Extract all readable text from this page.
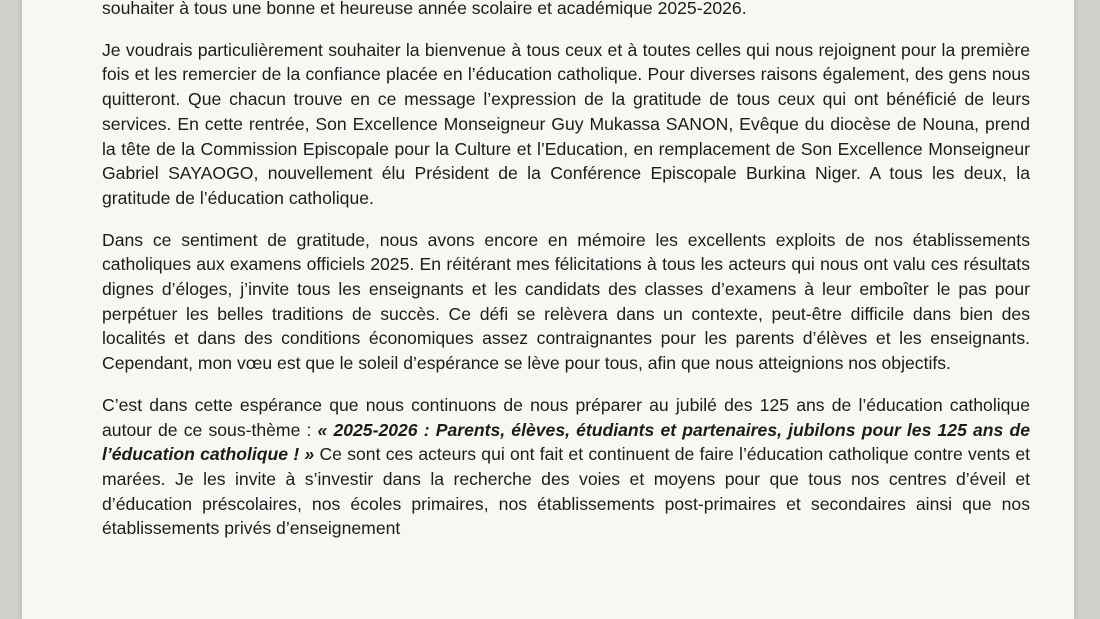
souhaiter à tous une bonne et heureuse année scolaire et académique 2025-2026.

Je voudrais particulièrement souhaiter la bienvenue à tous ceux et à toutes celles qui nous rejoignent pour la première fois et les remercier de la confiance placée en l’éducation catholique. Pour diverses raisons également, des gens nous quitteront. Que chacun trouve en ce message l’expression de la gratitude de tous ceux qui ont bénéficié de leurs services. En cette rentrée, Son Excellence Monseigneur Guy Mukassa SANON, Evêque du diocèse de Nouna, prend la tête de la Commission Episcopale pour la Culture et l’Education, en remplacement de Son Excellence Monseigneur Gabriel SAYAOGO, nouvellement élu Président de la Conférence Episcopale Burkina Niger. A tous les deux, la gratitude de l’éducation catholique.

Dans ce sentiment de gratitude, nous avons encore en mémoire les excellents exploits de nos établissements catholiques aux examens officiels 2025. En réitérant mes félicitations à tous les acteurs qui nous ont valu ces résultats dignes d’éloges, j’invite tous les enseignants et les candidats des classes d’examens à leur emboîter le pas pour perpétuer les belles traditions de succès. Ce défi se relèvera dans un contexte, peut-être difficile dans bien des localités et dans des conditions économiques assez contraignantes pour les parents d’élèves et les enseignants. Cependant, mon vœu est que le soleil d’espérance se lève pour tous, afin que nous atteignions nos objectifs.

C’est dans cette espérance que nous continuons de nous préparer au jubilé des 125 ans de l’éducation catholique autour de ce sous-thème : « 2025-2026 : Parents, élèves, étudiants et partenaires, jubilons pour les 125 ans de l’éducation catholique ! » Ce sont ces acteurs qui ont fait et continuent de faire l’éducation catholique contre vents et marées. Je les invite à s’investir dans la recherche des voies et moyens pour que tous nos centres d’éveil et d’éducation préscolaires, nos écoles primaires, nos établissements post-primaires et secondaires ainsi que nos établissements privés d’enseignement
